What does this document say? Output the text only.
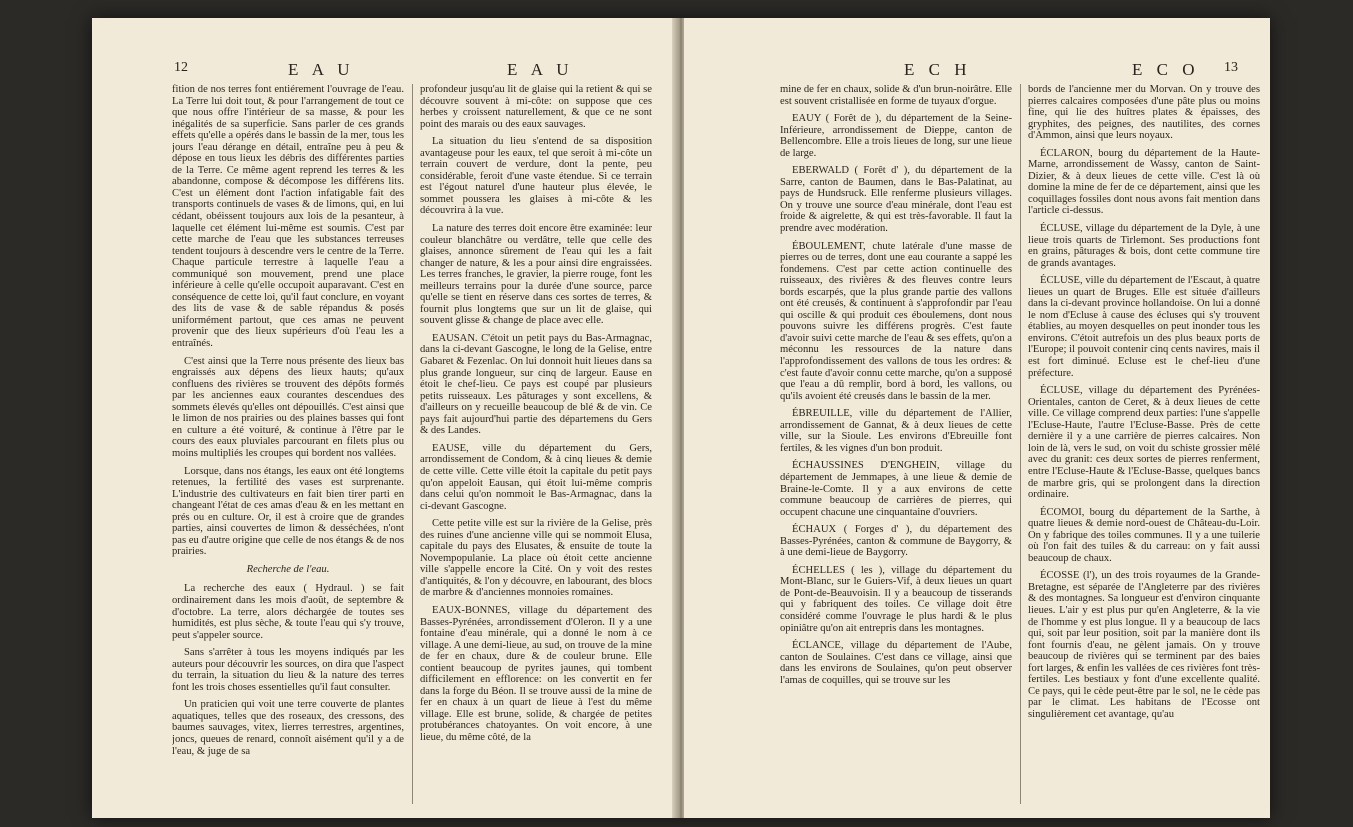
12	E A U	E A U

fition de nos terres font entiérement l'ouvrage de l'eau. La Terre lui doit tout, & pour l'arrangement de tout ce que nous offre l'intérieur de sa masse, & pour les inégalités de sa superficie. Sans parler de ces grands effets qu'elle a opérés dans le bassin de la mer, tous les jours l'eau dérange en détail, entraîne peu à peu & dépose en tous lieux les débris des différentes parties de la Terre. Ce même agent reprend les terres & les abandonne, compose & décompose les différens lits. C'est un élément dont l'action infatigable fait des transports continuels de vases & de limons, qui, en lui cédant, obéissent toujours aux lois de la pesanteur, à laquelle cet élément lui-même est soumis. C'est par cette marche de l'eau que les substances terreuses tendent toujours à descendre vers le centre de la Terre. Chaque particule terrestre à laquelle l'eau a communiqué son mouvement, prend une place inférieure à celle qu'elle occupoit auparavant. C'est en conséquence de cette loi, qu'il faut conclure, en voyant des lits de vase & de sable répandus & posés uniformément partout, que ces amas ne peuvent provenir que des lieux supérieurs d'où l'eau les a entraînés.

C'est ainsi que la Terre nous présente des lieux bas engraissés aux dépens des lieux hauts; qu'aux confluens des rivières se trouvent des dépôts formés par les anciennes eaux courantes descendues des sommets élevés qu'elles ont dépouillés. C'est ainsi que le limon de nos prairies ou des plaines basses qui font en culture a été voituré, & continue à l'être par le cours des eaux pluviales parcourant en filets plus ou moins multipliés les croupes qui bordent nos vallées.

Lorsque, dans nos étangs, les eaux ont été longtems retenues, la fertilité des vases est surprenante. L'industrie des cultivateurs en fait bien tirer parti en changeant l'état de ces amas d'eau & en les mettant en prés ou en culture. Or, il est à croire que de grandes parties, ainsi couvertes de limon & desséchées, n'ont pas eu d'autre origine que celle de nos étangs & de nos prairies.

Recherche de l'eau.

La recherche des eaux ( Hydraul. ) se fait ordinairement dans les mois d'août, de septembre & d'octobre. La terre, alors déchargée de toutes ses humidités, est plus sèche, & toute l'eau qui s'y trouve, peut s'appeler source.

Sans s'arrêter à tous les moyens indiqués par les auteurs pour découvrir les sources, on dira que l'aspect du terrain, la situation du lieu & la nature des terres font les trois choses essentielles qu'il faut consulter.

Un praticien qui voit une terre couverte de plantes aquatiques, telles que des roseaux, des cressons, des baumes sauvages, vitex, lierres terrestres, argentines, joncs, queues de renard, connoît aisément qu'il y a de l'eau, & juge de sa

profondeur jusqu'au lit de glaise qui la retient & qui se découvre souvent à mi-côte: on suppose que ces herbes y croissent naturellement, & que ce ne sont point des marais ou des eaux sauvages.

La situation du lieu s'entend de sa disposition avantageuse pour les eaux, tel que seroit à mi-côte un terrain couvert de verdure, dont la pente, peu considérable, feroit d'une vaste étendue. Si ce terrain est l'égout naturel d'une hauteur plus élevée, le sommet poussera les glaises à mi-côte & les découvrira à la vue.

La nature des terres doit encore être examinée: leur couleur blanchâtre ou verdâtre, telle que celle des glaises, annonce sûrement de l'eau qui les a fait changer de nature, & les a pour ainsi dire engraissées. Les terres franches, le gravier, la pierre rouge, font les meilleurs terrains pour la durée d'une source, parce qu'elle se tient en réserve dans ces sortes de terres, & fournit plus longtems que sur un lit de glaise, qui souvent glisse & change de place avec elle.

EAUSAN. C'étoit un petit pays du Bas-Armagnac, dans la ci-devant Gascogne, le long de la Gelise, entre Gabaret & Fezenlac. On lui donnoit huit lieues dans sa plus grande longueur, sur cinq de largeur. Eause en étoit le chef-lieu. Ce pays est coupé par plusieurs petits ruisseaux. Les pâturages y sont excellens, & d'ailleurs on y recueille beaucoup de blé & de vin. Ce pays fait aujourd'hui partie des départemens du Gers & des Landes.

EAUSE, ville du département du Gers, arrondissement de Condom, & à cinq lieues & demie de cette ville. Cette ville étoit la capitale du petit pays qu'on appeloit Eausan, qui étoit lui-même compris dans celui qu'on nommoit le Bas-Armagnac, dans la ci-devant Gascogne.

Cette petite ville est sur la rivière de la Gelise, près des ruines d'une ancienne ville qui se nommoit Elusa, capitale du pays des Elusates, & ensuite de toute la Novempopulanie. La place où étoit cette ancienne ville s'appelle encore la Cité. On y voit des restes d'antiquités, & l'on y découvre, en labourant, des blocs de marbre & d'anciennes monnoies romaines.

EAUX-BONNES, village du département des Basses-Pyrénées, arrondissement d'Oleron. Il y a une fontaine d'eau minérale, qui a donné le nom à ce village. A une demi-lieue, au sud, on trouve de la mine de fer en chaux, dure & de couleur brune. Elle contient beaucoup de pyrites jaunes, qui tombent difficilement en efflorence: on les convertit en fer dans la forge du Béon. Il se trouve aussi de la mine de fer en chaux à un quart de lieue à l'est du même village. Elle est brune, solide, & chargée de petites protubérances chatoyantes. On voit encore, à une lieue, du même côté, de la

E C H	E C O 13

mine de fer en chaux, solide & d'un brun-noirâtre. Elle est souvent cristallisée en forme de tuyaux d'orgue.

EAUY ( Forêt de ), du département de la Seine-Inférieure, arrondissement de Dieppe, canton de Bellencombre. Elle a trois lieues de long, sur une lieue de large.

EBERWALD ( Forêt d' ), du département de la Sarre, canton de Baumen, dans le Bas-Palatinat, au pays de Hundsruck. Elle renferme plusieurs villages. On y trouve une source d'eau minérale, dont l'eau est froide & aigrelette, & qui est très-favorable. Il faut la prendre avec modération.

ÉBOULEMENT, chute latérale d'une masse de pierres ou de terres, dont une eau courante a sappé les fondemens. C'est par cette action continuelle des ruisseaux, des rivières & des fleuves contre leurs bords escarpés, que la plus grande partie des vallons ont été creusés, & continuent à s'approfondir par l'eau qui oscille & qui produit ces éboulemens, dont nous pouvons suivre les différens progrès. C'est faute d'avoir suivi cette marche de l'eau & ses effets, qu'on a méconnu les ressources de la nature dans l'approfondissement des vallons de tous les ordres: & c'est faute d'avoir connu cette marche, qu'on a supposé que l'eau a dû remplir, bord à bord, les vallons, ou qu'ils avoient été creusés dans le bassin de la mer.

ÉBREUILLE, ville du département de l'Allier, arrondissement de Gannat, & à deux lieues de cette ville, sur la Sioule. Les environs d'Ebreuille font fertiles, & les vignes d'un bon produit.

ÉCHAUSSINES D'ENGHEIN, village du département de Jemmapes, à une lieue & demie de Braine-le-Comte. Il y a aux environs de cette commune beaucoup de carrières de pierres, qui occupent chacune une cinquantaine d'ouvriers.

ÉCHAUX ( Forges d' ), du département des Basses-Pyrénées, canton & commune de Baygorry, & à une demi-lieue de Baygorry.

ÉCHELLES ( les ), village du département du Mont-Blanc, sur le Guiers-Vif, à deux lieues un quart de Pont-de-Beauvoisin. Il y a beaucoup de tisserands qui y fabriquent des toiles. Ce village doit être considéré comme l'ouvrage le plus hardi & le plus opiniâtre qu'on ait entrepris dans les montagnes.

ÉCLANCE, village du département de l'Aube, canton de Soulaines. C'est dans ce village, ainsi que dans les environs de Soulaines, qu'on peut observer l'amas de coquilles, qui se trouve sur les

bords de l'ancienne mer du Morvan. On y trouve des pierres calcaires composées d'une pâte plus ou moins fine, qui lie des huîtres plates & épaisses, des gryphites, des peignes, des nautilites, des cornes d'Ammon, ainsi que leurs noyaux.

ÉCLARON, bourg du département de la Haute-Marne, arrondissement de Wassy, canton de Saint-Dizier, & à deux lieues de cette ville. C'est là où domine la mine de fer de ce département, ainsi que les coquillages fossiles dont nous avons fait mention dans l'article ci-dessus.

ÉCLUSE, village du département de la Dyle, à une lieue trois quarts de Tirlemont. Ses productions font en grains, pâturages & bois, dont cette commune tire de grands avantages.

ÉCLUSE, ville du département de l'Escaut, à quatre lieues un quart de Bruges. Elle est située d'ailleurs dans la ci-devant province hollandoise. On lui a donné le nom d'Ecluse à cause des écluses qui s'y trouvent établies, au moyen desquelles on peut inonder tous les environs. C'étoit autrefois un des plus beaux ports de l'Europe; il pouvoit contenir cinq cents navires, mais il est fort diminué. Ecluse est le chef-lieu d'une préfecture.

ÉCLUSE, village du département des Pyrénées-Orientales, canton de Ceret, & à deux lieues de cette ville. Ce village comprend deux parties: l'une s'appelle l'Ecluse-Haute, l'autre l'Ecluse-Basse. Près de cette dernière il y a une carrière de pierres calcaires. Non loin de là, vers le sud, on voit du schiste grossier mêlé avec du granit: ces deux sortes de pierres renferment, entre l'Ecluse-Haute & l'Ecluse-Basse, quelques bancs de marbre gris, qui se prolongent dans la direction ordinaire.

ÉCOMOI, bourg du département de la Sarthe, à quatre lieues & demie nord-ouest de Château-du-Loir. On y fabrique des toiles communes. Il y a une tuilerie où l'on fait des tuiles & du carreau: on y fait aussi beaucoup de chaux.

ÉCOSSE (l'), un des trois royaumes de la Grande-Bretagne, est séparée de l'Angleterre par des rivières & des montagnes. Sa longueur est d'environ cinquante lieues. L'air y est plus pur qu'en Angleterre, & la vie de l'homme y est plus longue. Il y a beaucoup de lacs qui, soit par leur position, soit par la manière dont ils font fournis d'eau, ne gèlent jamais. On y trouve beaucoup de rivières qui se terminent par des baies fort larges, & enfin les vallées de ces rivières font très-fertiles. Les bestiaux y font d'une excellente qualité. Ce pays, qui le cède peut-être par le sol, ne le cède pas par le climat. Les habitans de l'Ecosse ont singulièrement cet avantage, qu'au
